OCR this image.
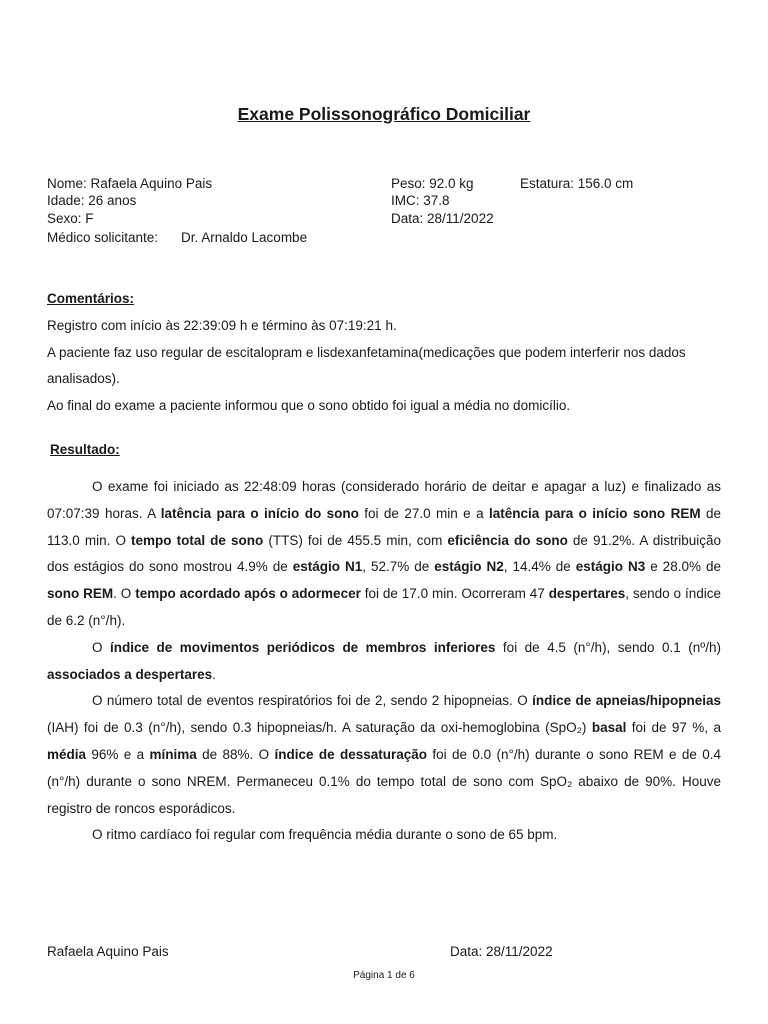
Exame Polissonográfico Domiciliar
Nome: Rafaela Aquino Pais
Idade: 26 anos
Sexo: F
Médico solicitante: Dr. Arnaldo Lacombe
Peso: 92.0 kg	Estatura: 156.0 cm
IMC: 37.8
Data: 28/11/2022
Comentários:

Registro com início às 22:39:09 h e término às 07:19:21 h.

A paciente faz uso regular de escitalopram e lisdexanfetamina(medicações que podem interferir nos dados analisados).

Ao final do exame a paciente informou que o sono obtido foi igual a média no domicílio.

Resultado:

O exame foi iniciado as 22:48:09 horas (considerado horário de deitar e apagar a luz) e finalizado as 07:07:39 horas. A latência para o início do sono foi de 27.0 min e a latência para o início sono REM de 113.0 min. O tempo total de sono (TTS) foi de 455.5 min, com eficiência do sono de 91.2%. A distribuição dos estágios do sono mostrou 4.9% de estágio N1, 52.7% de estágio N2, 14.4% de estágio N3 e 28.0% de sono REM. O tempo acordado após o adormecer foi de 17.0 min. Ocorreram 47 despertares, sendo o índice de 6.2 (n°/h).

O índice de movimentos periódicos de membros inferiores foi de 4.5 (n°/h), sendo 0.1 (nº/h) associados a despertares.

O número total de eventos respiratórios foi de 2, sendo 2 hipopneias. O índice de apneias/hipopneias (IAH) foi de 0.3 (n°/h), sendo 0.3 hipopneias/h. A saturação da oxi-hemoglobina (SpO₂) basal foi de 97 %, a média 96% e a mínima de 88%. O índice de dessaturação foi de 0.0 (n°/h) durante o sono REM e de 0.4 (n°/h) durante o sono NREM. Permaneceu 0.1% do tempo total de sono com SpO₂ abaixo de 90%. Houve registro de roncos esporádicos.

O ritmo cardíaco foi regular com frequência média durante o sono de 65 bpm.

Rafaela Aquino Pais	Data: 28/11/2022
Página 1 de 6
